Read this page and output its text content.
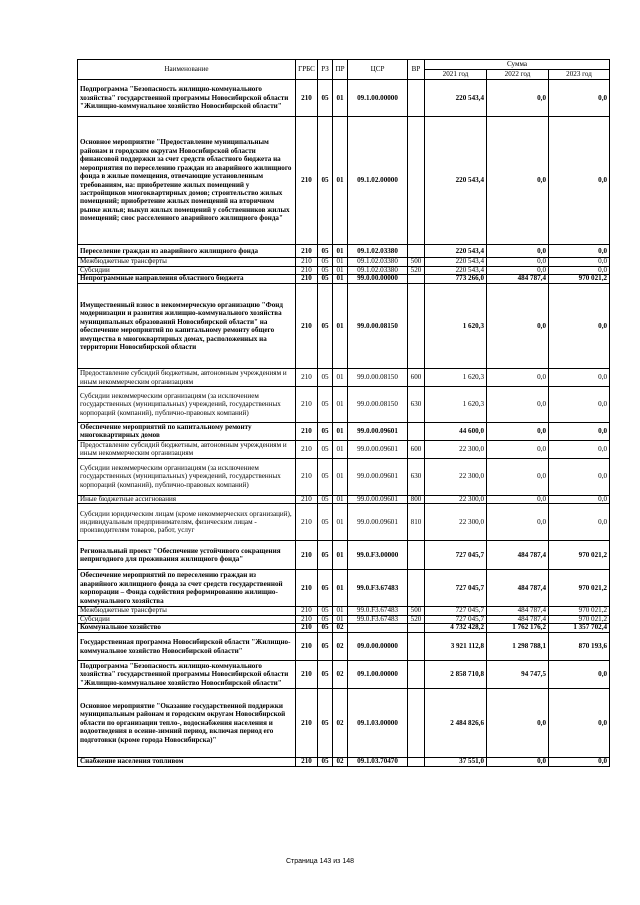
Наименование	ГРБС	РЗ	ПР	ЦСР	ВР	Сумма		
						2021 год	2022 год	2023 год
Подпрограмма "Безопасность жилищно-коммунального хозяйства" государственной программы Новосибирской области "Жилищно-коммунальное хозяйство Новосибирской области"	210	05	01	09.1.00.00000		220 543,4	0,0	0,0
Основное мероприятие "Предоставление муниципальным районам и городским округам Новосибирской области финансовой поддержки за счет средств областного бюджета на мероприятия по переселению граждан из аварийного жилищного фонда в жилые помещения, отвечающие установленным требованиям, на: приобретение жилых помещений у застройщиков многоквартирных домов; строительство жилых помещений; приобретение жилых помещений на вторичном рынке жилья; выкуп жилых помещений у собственников жилых помещений; снос расселенного аварийного жилищного фонда"	210	05	01	09.1.02.00000		220 543,4	0,0	0,0
Переселение граждан из аварийного жилищного фонда	210	05	01	09.1.02.03380		220 543,4	0,0	0,0
Межбюджетные трансферты	210	05	01	09.1.02.03380	500	220 543,4	0,0	0,0
Субсидии	210	05	01	09.1.02.03380	520	220 543,4	0,0	0,0
Непрограммные направления областного бюджета	210	05	01	99.0.00.00000		773 266,0	484 787,4	970 021,2
Имущественный взнос в некоммерческую организацию "Фонд модернизации и развития жилищно-коммунального хозяйства муниципальных образований Новосибирской области" на обеспечение мероприятий по капитальному ремонту общего имущества в многоквартирных домах, расположенных на территории Новосибирской области	210	05	01	99.0.00.08150		1 620,3	0,0	0,0
Предоставление субсидий бюджетным, автономным учреждениям и иным некоммерческим организациям	210	05	01	99.0.00.08150	600	1 620,3	0,0	0,0
Субсидии некоммерческим организациям (за исключением государственных (муниципальных) учреждений, государственных корпораций (компаний), публично-правовых компаний)	210	05	01	99.0.00.08150	630	1 620,3	0,0	0,0
Обеспечение мероприятий по капитальному ремонту многоквартирных домов	210	05	01	99.0.00.09601		44 600,0	0,0	0,0
Предоставление субсидий бюджетным, автономным учреждениям и иным некоммерческим организациям	210	05	01	99.0.00.09601	600	22 300,0	0,0	0,0
Субсидии некоммерческим организациям (за исключением государственных (муниципальных) учреждений, государственных корпораций (компаний), публично-правовых компаний)	210	05	01	99.0.00.09601	630	22 300,0	0,0	0,0
Иные бюджетные ассигнования	210	05	01	99.0.00.09601	800	22 300,0	0,0	0,0
Субсидии юридическим лицам (кроме некоммерческих организаций), индивидуальным предпринимателям, физическим лицам - производителям товаров, работ, услуг	210	05	01	99.0.00.09601	810	22 300,0	0,0	0,0
Региональный проект "Обеспечение устойчивого сокращения непригодного для проживания жилищного фонда"	210	05	01	99.0.F3.00000		727 045,7	484 787,4	970 021,2
Обеспечение мероприятий по переселению граждан из аварийного жилищного фонда за счет средств государственной корпорации – Фонда содействия реформированию жилищно-коммунального хозяйства	210	05	01	99.0.F3.67483		727 045,7	484 787,4	970 021,2
Межбюджетные трансферты	210	05	01	99.0.F3.67483	500	727 045,7	484 787,4	970 021,2
Субсидии	210	05	01	99.0.F3.67483	520	727 045,7	484 787,4	970 021,2
Коммунальное хозяйство	210	05	02			4 732 428,2	1 762 176,2	1 357 702,4
Государственная программа Новосибирской области "Жилищно-коммунальное хозяйство Новосибирской области"	210	05	02	09.0.00.00000		3 921 112,8	1 298 788,1	870 193,6
Подпрограмма "Безопасность жилищно-коммунального хозяйства" государственной программы Новосибирской области "Жилищно-коммунальное хозяйство Новосибирской области"	210	05	02	09.1.00.00000		2 858 710,8	94 747,5	0,0
Основное мероприятие "Оказание государственной поддержки муниципальным районам и городским округам Новосибирской области по организации тепло-, водоснабжения населения и водоотведения в осенне-зимний период, включая период его подготовки (кроме города Новосибирска)"	210	05	02	09.1.03.00000		2 484 826,6	0,0	0,0
Снабжение населения топливом	210	05	02	09.1.03.70470		37 551,0	0,0	0,0
Страница 143 из 148
